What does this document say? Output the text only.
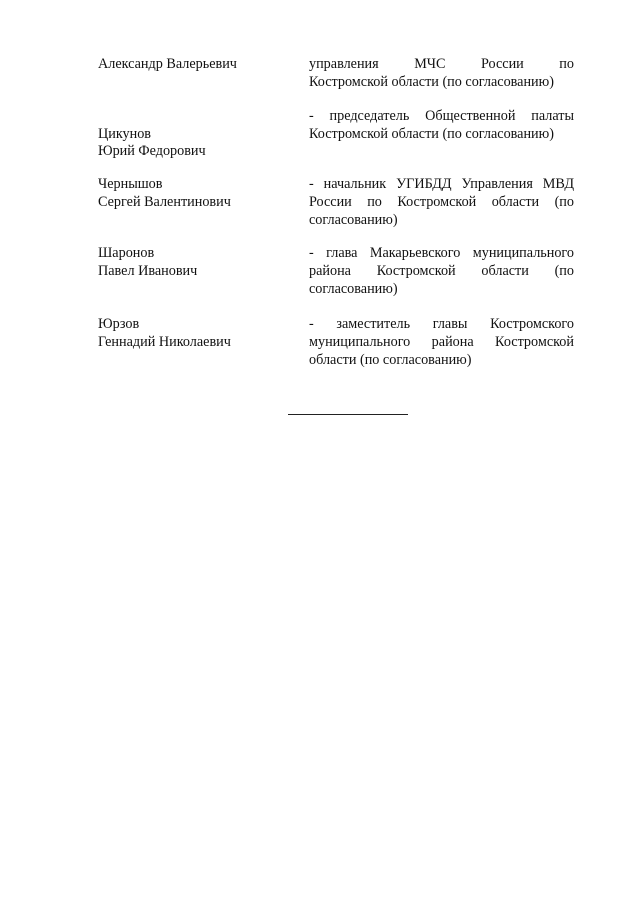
Александр Валерьевич	управления МЧС России по
Костромской области (по согласованию)
Цикунов
Юрий Федорович
- председатель Общественной палаты
Костромской области (по согласованию)
Чернышов
Сергей Валентинович
- начальник УГИБДД Управления МВД
России по Костромской области (по
согласованию)
Шаронов
Павел Иванович
- глава Макарьевского муниципального
района Костромской области (по
согласованию)
Юрзов
Геннадий Николаевич
- заместитель главы Костромского
муниципального района Костромской
области (по согласованию)
